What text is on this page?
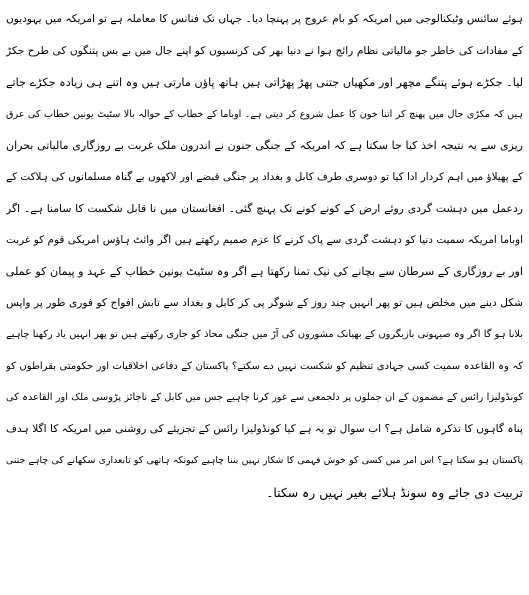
ہوئے سائنس وٹیکنالوجی میں امریکہ کو بام عروج پر پہنچا دیا۔ جہاں تک فنانس کا معاملہ ہے تو امریکہ میں یہودیوں
کے مفادات کی خاطر جو مالیاتی نظام رائج ہوا نے دنیا بھر کی کرنسیوں کو اپنے جال میں بے بس پتنگوں کی طرح جکڑ
لیا۔ جکڑے ہوئے پتنگے مچھر اور مکھیاں جتنی پھڑ پھڑاتی ہیں ہاتھ پاؤں مارتی ہیں وہ اتنے ہی زیادہ جکڑے جاتے
ہیں کہ مکڑی جال میں پھنچ کر اتنا خون کا عمل شروع کر دیتی ہے۔ اوباما کے خطاب کے حوالہ بالا سٹیٹ یونین خطاب کی عرق
ریزی سے یہ نتیجہ اخذ کیا جا سکتا ہے کہ امریکہ کے جنگی جنون نے اندرون ملک غربت بے روزگاری مالیاتی بحران
کے پھیلاؤ میں اہم کردار ادا کیا تو دوسری طرف کابل و بغداد پر جنگی قبضے اور لاکھوں بے گناہ مسلمانوں کی ہلاکت کے
ردعمل میں دہشت گردی روئے ارض کے کونے کونے تک پہنچ گئی۔ افغانستان میں نا قابل شکست کا سامنا ہے۔ اگر
اوباما امریکہ سمیت دنیا کو دہشت گردی سے پاک کرنے کا عزم صمیم رکھتے ہیں اگر وائٹ ہاؤس امریکی قوم کو غربت
اور بے روزگاری کے سرطان سے بچانے کی نیک تمنا رکھتا ہے اگر وہ سٹیٹ یونین خطاب کے عہد و پیمان کو عملی
شکل دینے میں مخلص ہیں تو پھر انہیں چند روز کے شوگر پی کر کابل و بغداد سے تابش افواج کو فوری طور پر واپس
بلانا ہو گا اگر وہ صیہونی بازیگروں کے بھیانک مشوروں کی آڑ میں جنگی محاذ کو جاری رکھتے ہیں تو پھر انہیں یاد رکھنا چاہیے
کہ وہ القاعدہ سمیت کسی جہادی تنظیم کو شکست نہیں دے سکتے؟ پاکستان کے دفاعی اخلاقیات اور حکومتی بقراطوں کو
کونڈولیزا رائس کے مضمون کے ان جملوں پر دلجمعی سے غور کرنا چاہیے جس میں کابل کے ناجائز پڑوسی ملک اور القاعدہ کی
پناہ گاہوں کا تذکرہ شامل ہے؟ اب سوال تو یہ ہے کیا کونڈولیزا رائس کے تجزیئے کی روشنی میں امریکہ کا اگلا ہدف
پاکستان ہو سکتا ہے؟ اس امر میں کسی کو خوش فہمی کا شکار نہیں بننا چاہیے کیونکہ ہاتھی کو تابعداری سکھانے کی چاہے جتنی
تربیت دی جائے وہ سونڈ ہلائے بغیر نہیں رہ سکتا۔
